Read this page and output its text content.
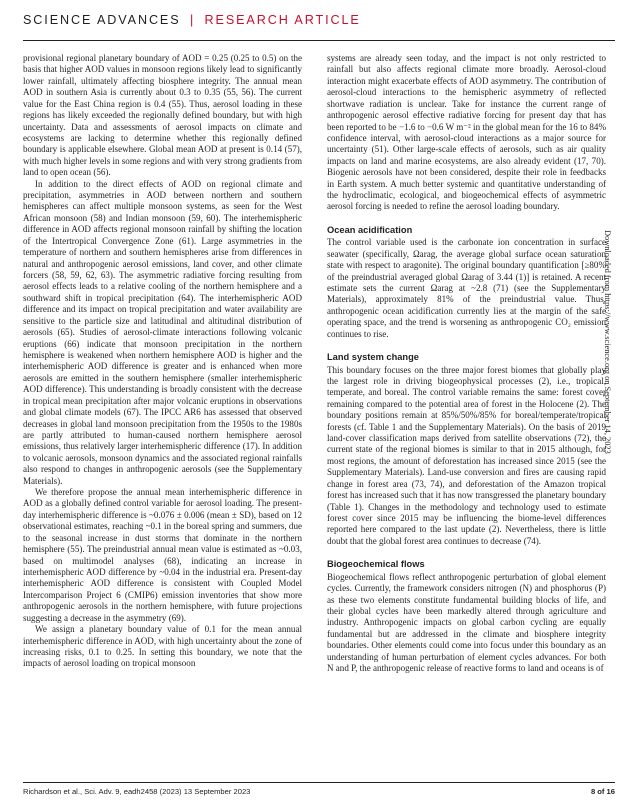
SCIENCE ADVANCES | RESEARCH ARTICLE

provisional regional planetary boundary of AOD = 0.25 (0.25 to 0.5) on the basis that higher AOD values in monsoon regions likely lead to significantly lower rainfall, ultimately affecting biosphere integrity. The annual mean AOD in southern Asia is currently about 0.3 to 0.35 (55, 56). The current value for the East China region is 0.4 (55). Thus, aerosol loading in these regions has likely exceeded the regionally defined boundary, but with high uncertainty. Data and assessments of aerosol impacts on climate and ecosystems are lacking to determine whether this regionally defined boundary is applicable elsewhere. Global mean AOD at present is 0.14 (57), with much higher levels in some regions and with very strong gradients from land to open ocean (56).

In addition to the direct effects of AOD on regional climate and precipitation, asymmetries in AOD between northern and southern hemispheres can affect multiple monsoon systems, as seen for the West African monsoon (58) and Indian monsoon (59, 60). The interhemispheric difference in AOD affects regional monsoon rainfall by shifting the location of the Intertropical Convergence Zone (61). Large asymmetries in the temperature of northern and southern hemispheres arise from differences in natural and anthropogenic aerosol emissions, land cover, and other climate forcers (58, 59, 62, 63). The asymmetric radiative forcing resulting from aerosol effects leads to a relative cooling of the northern hemisphere and a southward shift in tropical precipitation (64). The interhemispheric AOD difference and its impact on tropical precipitation and water availability are sensitive to the particle size and latitudinal and altitudinal distribution of aerosols (65). Studies of aerosol-climate interactions following volcanic eruptions (66) indicate that monsoon precipitation in the northern hemisphere is weakened when northern hemisphere AOD is higher and the interhemispheric AOD difference is greater and is enhanced when more aerosols are emitted in the southern hemisphere (smaller interhemispheric AOD difference). This understanding is broadly consistent with the decrease in tropical mean precipitation after major volcanic eruptions in observations and global climate models (67). The IPCC AR6 has assessed that observed decreases in global land monsoon precipitation from the 1950s to the 1980s are partly attributed to human-caused northern hemisphere aerosol emissions, thus relatively larger interhemispheric difference (17). In addition to volcanic aerosols, monsoon dynamics and the associated regional rainfalls also respond to changes in anthropogenic aerosols (see the Supplementary Materials).

We therefore propose the annual mean interhemispheric difference in AOD as a globally defined control variable for aerosol loading. The present-day interhemispheric difference is ~0.076 ± 0.006 (mean ± SD), based on 12 observational estimates, reaching ~0.1 in the boreal spring and summers, due to the seasonal increase in dust storms that dominate in the northern hemisphere (55). The preindustrial annual mean value is estimated as ~0.03, based on multimodel analyses (68), indicating an increase in interhemispheric AOD difference by ~0.04 in the industrial era. Present-day interhemispheric AOD difference is consistent with Coupled Model Intercomparison Project 6 (CMIP6) emission inventories that show more anthropogenic aerosols in the northern hemisphere, with future projections suggesting a decrease in the asymmetry (69).

We assign a planetary boundary value of 0.1 for the mean annual interhemispheric difference in AOD, with high uncertainty about the zone of increasing risks, 0.1 to 0.25. In setting this boundary, we note that the impacts of aerosol loading on tropical monsoon

systems are already seen today, and the impact is not only restricted to rainfall but also affects regional climate more broadly. Aerosol-cloud interaction might exacerbate effects of AOD asymmetry. The contribution of aerosol-cloud interactions to the hemispheric asymmetry of reflected shortwave radiation is unclear. Take for instance the current range of anthropogenic aerosol effective radiative forcing for present day that has been reported to be −1.6 to −0.6 W m⁻² in the global mean for the 16 to 84% confidence interval, with aerosol-cloud interactions as a major source for uncertainty (51). Other large-scale effects of aerosols, such as air quality impacts on land and marine ecosystems, are also already evident (17, 70). Biogenic aerosols have not been considered, despite their role in feedbacks in Earth system. A much better systemic and quantitative understanding of the hydroclimatic, ecological, and biogeochemical effects of asymmetric aerosol forcing is needed to refine the aerosol loading boundary.

Ocean acidification

The control variable used is the carbonate ion concentration in surface seawater (specifically, Ωarag, the average global surface ocean saturation state with respect to aragonite). The original boundary quantification [≥80% of the preindustrial averaged global Ωarag of 3.44 (1)] is retained. A recent estimate sets the current Ωarag at ~2.8 (71) (see the Supplementary Materials), approximately 81% of the preindustrial value. Thus, anthropogenic ocean acidification currently lies at the margin of the safe operating space, and the trend is worsening as anthropogenic CO₂ emission continues to rise.

Land system change

This boundary focuses on the three major forest biomes that globally play the largest role in driving biogeophysical processes (2), i.e., tropical, temperate, and boreal. The control variable remains the same: forest cover remaining compared to the potential area of forest in the Holocene (2). The boundary positions remain at 85%/50%/85% for boreal/temperate/tropical forests (cf. Table 1 and the Supplementary Materials). On the basis of 2019 land-cover classification maps derived from satellite observations (72), the current state of the regional biomes is similar to that in 2015 although, for most regions, the amount of deforestation has increased since 2015 (see the Supplementary Materials). Land-use conversion and fires are causing rapid change in forest area (73, 74), and deforestation of the Amazon tropical forest has increased such that it has now transgressed the planetary boundary (Table 1). Changes in the methodology and technology used to estimate forest cover since 2015 may be influencing the biome-level differences reported here compared to the last update (2). Nevertheless, there is little doubt that the global forest area continues to decrease (74).

Biogeochemical flows

Biogeochemical flows reflect anthropogenic perturbation of global element cycles. Currently, the framework considers nitrogen (N) and phosphorus (P) as these two elements constitute fundamental building blocks of life, and their global cycles have been markedly altered through agriculture and industry. Anthropogenic impacts on global carbon cycling are equally fundamental but are addressed in the climate and biosphere integrity boundaries. Other elements could come into focus under this boundary as an understanding of human perturbation of element cycles advances. For both N and P, the anthropogenic release of reactive forms to land and oceans is of

Downloaded from https://www.science.org on September 14, 2023
Richardson et al., Sci. Adv. 9, eadh2458 (2023) 13 September 2023	8 of 16
